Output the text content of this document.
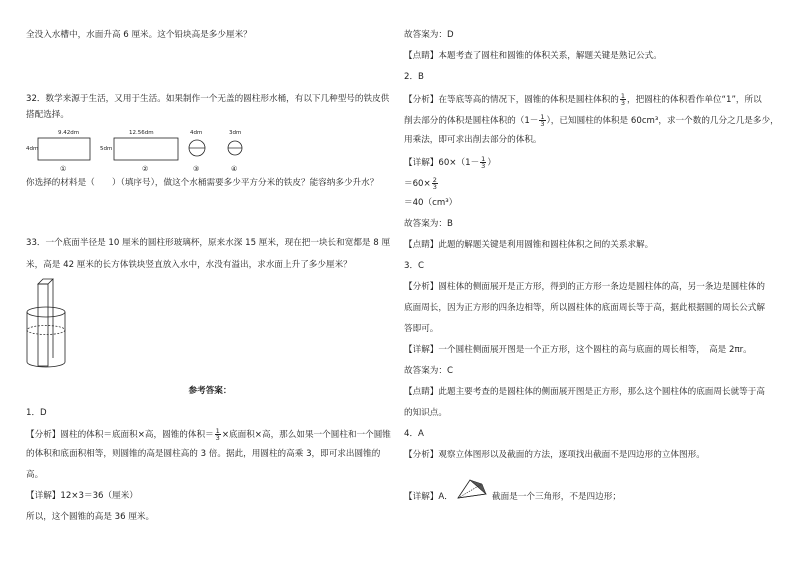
全没入水槽中，水面升高 6 厘米。这个铅块高是多少厘米？
32．数学来源于生活，又用于生活。如果制作一个无盖的圆柱形水桶，有以下几种型号的铁皮供
搭配选择。
9.42dm
4dm
①
12.56dm
5dm
②
4dm
③
3dm
④
你选择的材料是（　　）（填序号），做这个水桶需要多少平方分米的铁皮？能容纳多少升水？
33．一个底面半径是 10 厘米的圆柱形玻璃杯，原来水深 15 厘米，现在把一块长和宽都是 8 厘
米，高是 42 厘米的长方体铁块竖直放入水中，水没有溢出，求水面上升了多少厘米？
参考答案：
1．D
【分析】圆柱的体积＝底面积×高，圆锥的体积＝ $\frac{1}{3}$ ×底面积×高，那么如果一个圆柱和一个圆锥
的体积和底面积相等，则圆锥的高是圆柱高的 3 倍。据此，用圆柱的高乘 3，即可求出圆锥的
高。
【详解】12×3＝36（厘米）
所以，这个圆锥的高是 36 厘米。
故答案为：D
【点睛】本题考查了圆柱和圆锥的体积关系，解题关键是熟记公式。
2．B
【分析】在等底等高的情况下，圆锥的体积是圆柱体积的 $\frac{1}{3}$ ，把圆柱的体积看作单位“1”，所以
削去部分的体积是圆柱体积的（$1- \frac{1}{3}$ ），已知圆柱的体积是 60cm³，求一个数的几分之几是多少，
用乘法，即可求出削去部分的体积。
【详解】$60\times(1- \frac{1}{3}$ ）
$=60\times \frac{2}{3}$
＝40（cm³）
故答案为：B
【点睛】此题的解题关键是利用圆锥和圆柱体积之间的关系求解。
3．C
【分析】圆柱体的侧面展开是正方形，得到的正方形一条边是圆柱体的高，另一条边是圆柱体的
底面周长，因为正方形的四条边相等，所以圆柱体的底面周长等于高，据此根据圆的周长公式解
答即可。
【详解】一个圆柱侧面展开图是一个正方形，这个圆柱的高与底面的周长相等，　高是 2πr。
故答案为：C
【点睛】此题主要考查的是圆柱体的侧面展开图是正方形，那么这个圆柱体的底面周长就等于高
的知识点。
4．A
【分析】观察立体图形以及截面的方法，逐项找出截面不是四边形的立体图形。
【详解】A．	截面是一个三角形，不是四边形；
